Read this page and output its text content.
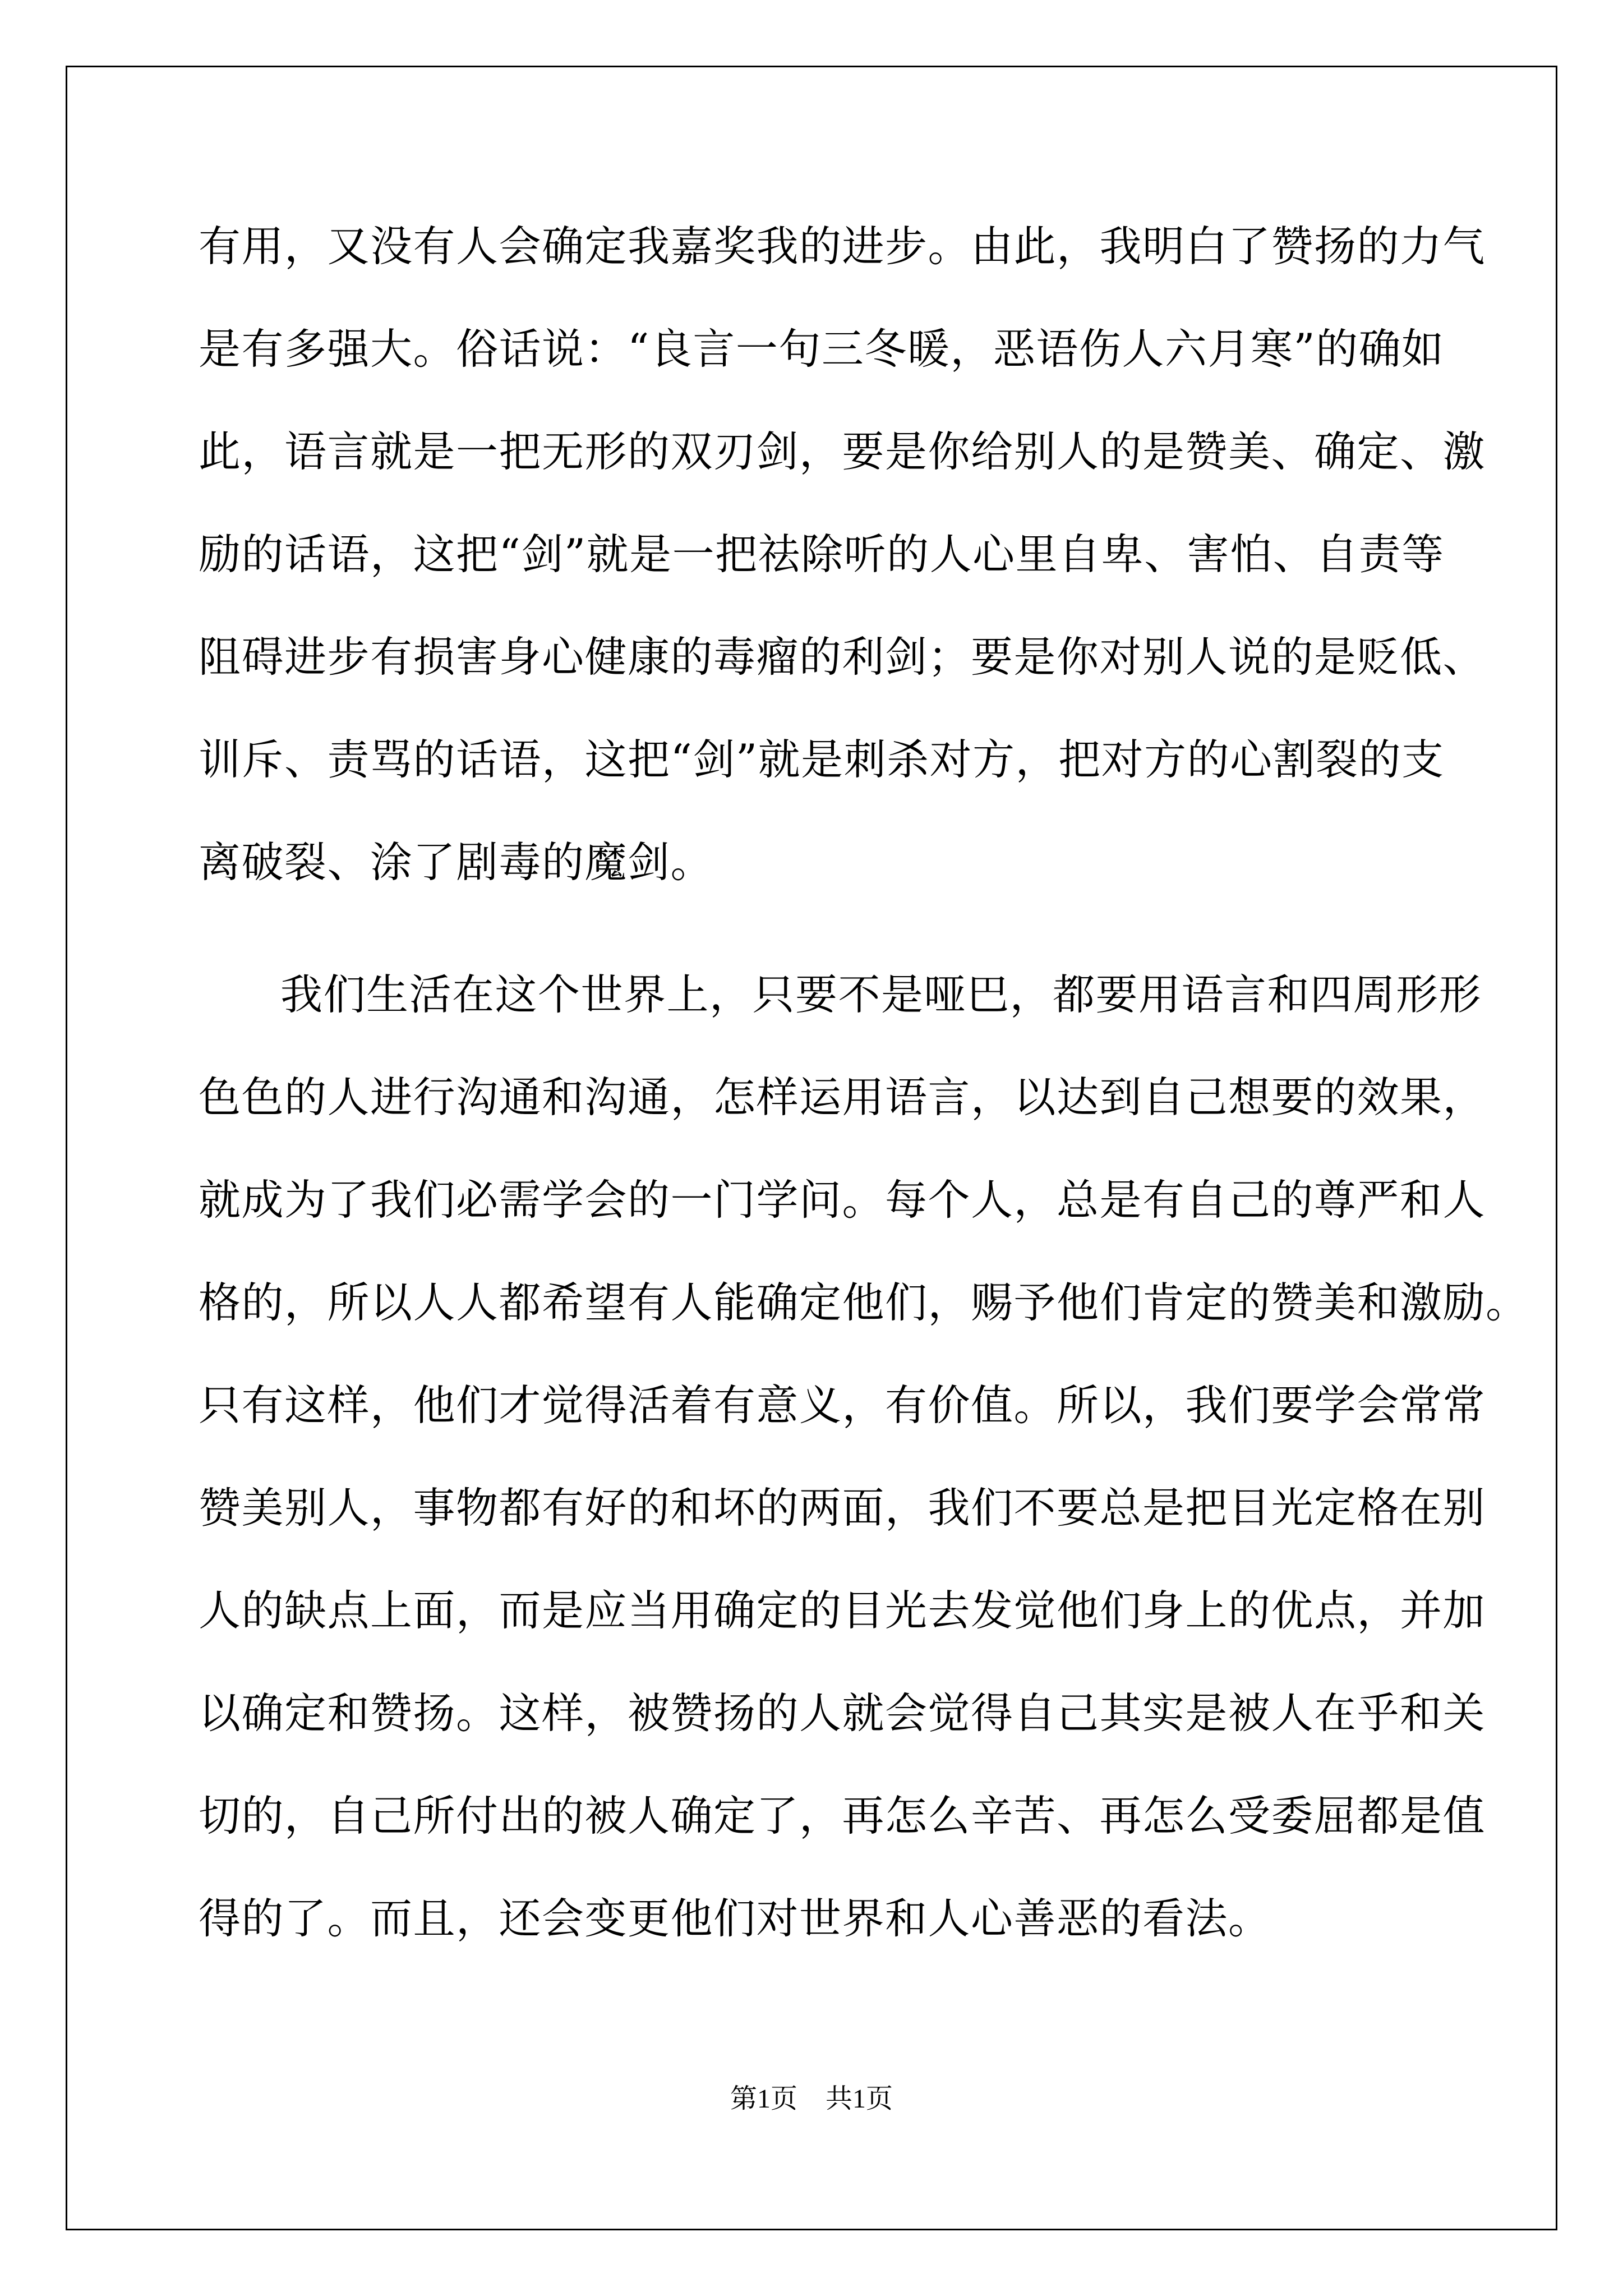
有用，又没有人会确定我嘉奖我的进步。由此，我明白了赞扬的力气
是有多强大。俗话说：“良言一句三冬暖，恶语伤人六月寒”的确如
此，语言就是一把无形的双刃剑，要是你给别人的是赞美、确定、激
励的话语，这把“剑”就是一把祛除听的人心里自卑、害怕、自责等
阻碍进步有损害身心健康的毒瘤的利剑；要是你对别人说的是贬低、
训斥、责骂的话语，这把“剑”就是刺杀对方，把对方的心割裂的支
离破裂、涂了剧毒的魔剑。
我们生活在这个世界上，只要不是哑巴，都要用语言和四周形形
色色的人进行沟通和沟通，怎样运用语言，以达到自己想要的效果，
就成为了我们必需学会的一门学问。每个人，总是有自己的尊严和人
格的，所以人人都希望有人能确定他们，赐予他们肯定的赞美和激励。
只有这样，他们才觉得活着有意义，有价值。所以，我们要学会常常
赞美别人，事物都有好的和坏的两面，我们不要总是把目光定格在别
人的缺点上面，而是应当用确定的目光去发觉他们身上的优点，并加
以确定和赞扬。这样，被赞扬的人就会觉得自己其实是被人在乎和关
切的，自己所付出的被人确定了，再怎么辛苦、再怎么受委屈都是值
得的了。而且，还会变更他们对世界和人心善恶的看法。
第1页 共1页
